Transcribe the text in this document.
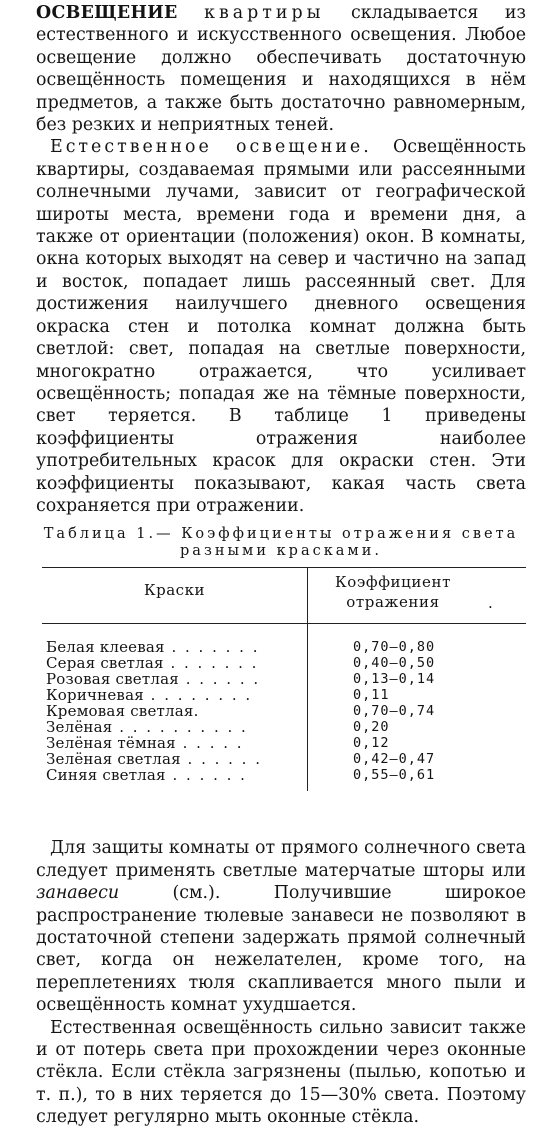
ОСВЕЩЕНИЕ квартиры складывается из естественного и искусственного освещения. Любое освещение должно обеспечивать достаточную освещённость помещения и находящихся в нём предметов, а также быть достаточно равномерным, без резких и неприятных теней.

Естественное освещение. Освещённость квартиры, создаваемая прямыми или рассеянными солнечными лучами, зависит от географической широты места, времени года и времени дня, а также от ориентации (положения) окон. В комнаты, окна которых выходят на север и частично на запад и восток, попадает лишь рассеянный свет. Для достижения наилучшего дневного освещения окраска стен и потолка комнат должна быть светлой: свет, попадая на светлые поверхности, многократно отражается, что усиливает освещённость; попадая же на тёмные поверхности, свет теряется. В таблице 1 приведены коэффициенты отражения наиболее употребительных красок для окраски стен. Эти коэффициенты показывают, какая часть света сохраняется при отражении.

Таблица 1.— Коэффициенты отражения света разными красками.
Краски	Коэффициент
отражения	.
Белая клеевая . . . . . . .	0,70—0,80
Серая светлая . . . . . . .	0,40—0,50
Розовая светлая . . . . . .	0,13—0,14
Коричневая . . . . . . . .	0,11
Кремовая светлая.	0,70—0,74
Зелёная . . . . . . . . . .	0,20
Зелёная тёмная . . . . .	0,12
Зелёная светлая . . . . . .	0,42—0,47
Синяя светлая . . . . . .	0,55—0,61

Для защиты комнаты от прямого солнечного света следует применять светлые матерчатые шторы или занавеси	(см.). Получившие широкое распространение тюлевые занавеси не позволяют в достаточной степени задержать прямой солнечный свет, когда он нежелателен, кроме того, на переплетениях тюля скапливается много пыли и освещённость комнат ухудшается.

Естественная освещённость сильно зависит также и от потерь света при прохождении через оконные стёкла. Если стёкла загрязнены (пылью, копотью и т. п.), то в них теряется до 15—30% света. Поэтому следует регулярно мыть оконные стёкла.
